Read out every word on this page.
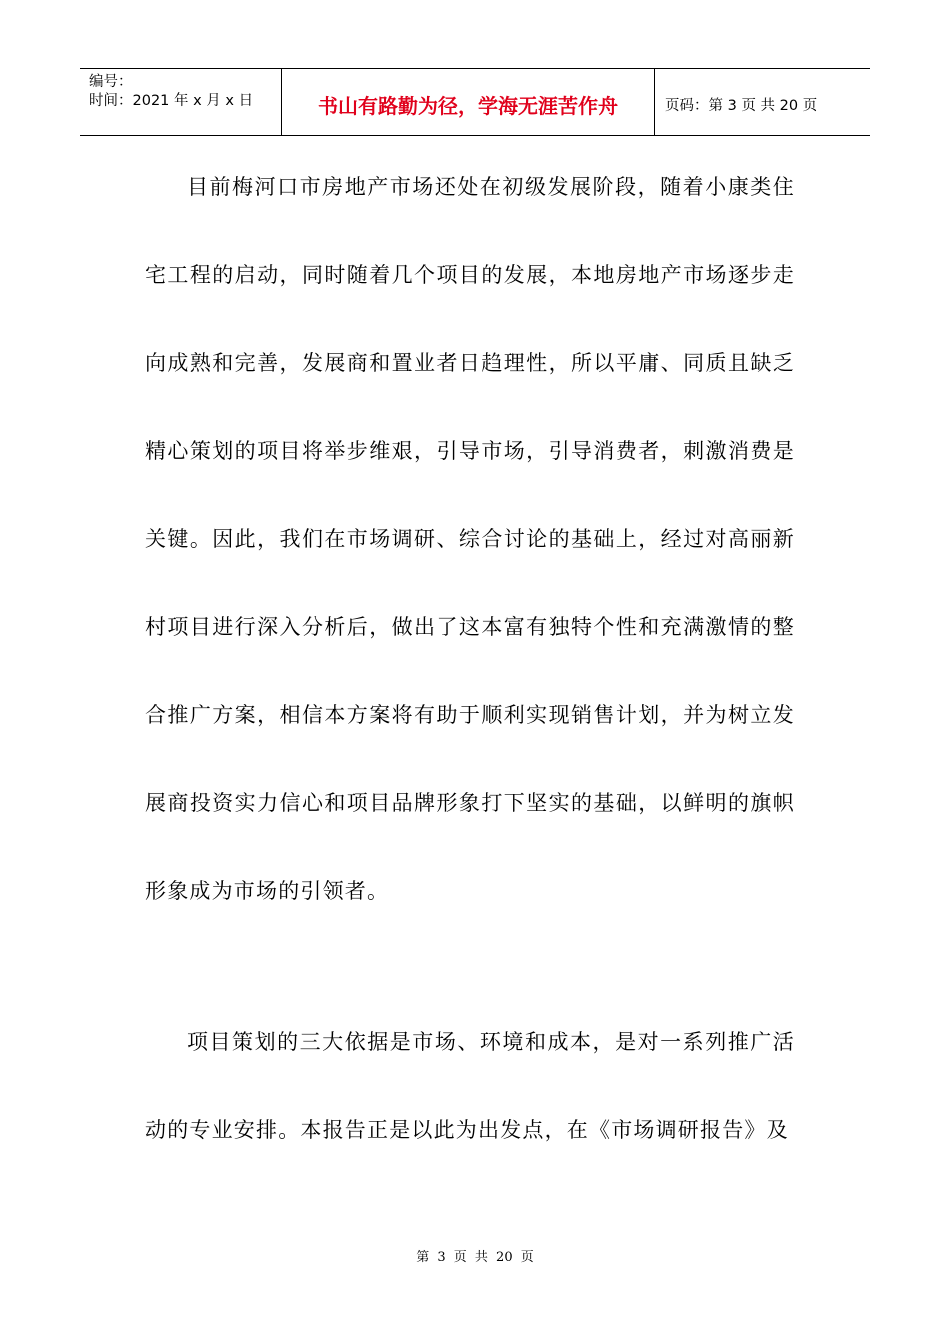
编号：
时间：2021 年 x 月 x 日	书山有路勤为径，学海无涯苦作舟	页码：第 3 页 共 20 页

目前梅河口市房地产市场还处在初级发展阶段，随着小康类住宅工程的启动，同时随着几个项目的发展，本地房地产市场逐步走向成熟和完善，发展商和置业者日趋理性，所以平庸、同质且缺乏精心策划的项目将举步维艰，引导市场，引导消费者，刺激消费是关键。因此，我们在市场调研、综合讨论的基础上，经过对高丽新村项目进行深入分析后，做出了这本富有独特个性和充满激情的整合推广方案，相信本方案将有助于顺利实现销售计划，并为树立发展商投资实力信心和项目品牌形象打下坚实的基础，以鲜明的旗帜形象成为市场的引领者。

项目策划的三大依据是市场、环境和成本，是对一系列推广活动的专业安排。本报告正是以此为出发点，在《市场调研报告》及

第 3 页 共 20 页
